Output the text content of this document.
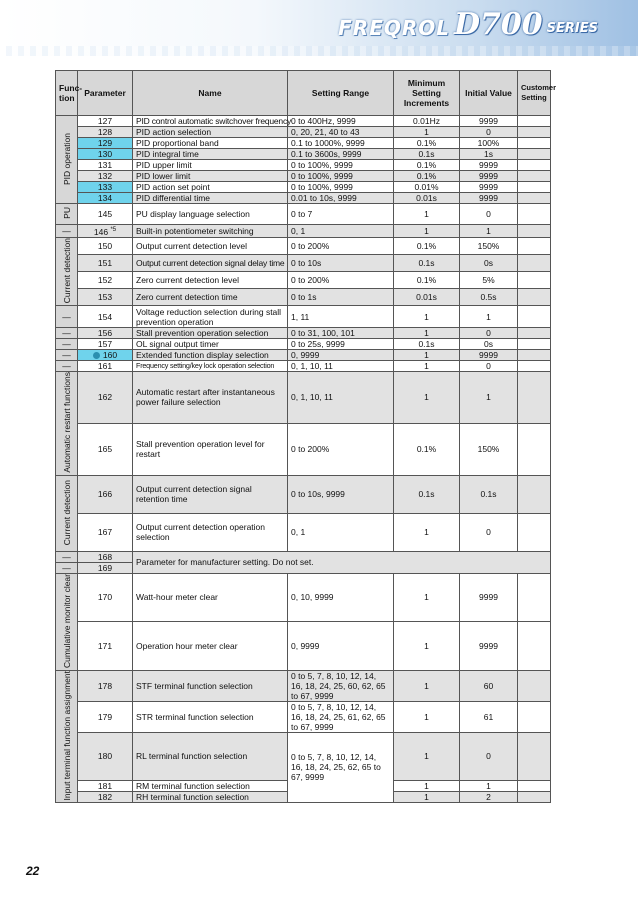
FREQROL D700 SERIES
Func-tion	Parameter	Name	Setting Range	Minimum Setting Increments	Initial Value	Customer Setting
PID operation	127	PID control automatic switchover frequency	0 to 400Hz, 9999	0.01Hz	9999	
	128	PID action selection	0, 20, 21, 40 to 43	1	0	
	129	PID proportional band	0.1 to 1000%, 9999	0.1%	100%	
	130	PID integral time	0.1 to 3600s, 9999	0.1s	1s	
	131	PID upper limit	0 to 100%, 9999	0.1%	9999	
	132	PID lower limit	0 to 100%, 9999	0.1%	9999	
	133	PID action set point	0 to 100%, 9999	0.01%	9999	
	134	PID differential time	0.01 to 10s, 9999	0.01s	9999	
PU	145	PU display language selection	0 to 7	1	0	
—	146 $^{*5}$	Built-in potentiometer switching	0, 1	1	1	
Current detection	150	Output current detection level	0 to 200%	0.1%	150%	
	151	Output current detection signal delay time	0 to 10s	0.1s	0s	
	152	Zero current detection level	0 to 200%	0.1%	5%	
	153	Zero current detection time	0 to 1s	0.01s	0.5s	
—	154	Voltage reduction selection during stall prevention operation	1, 11	1	1	
—	156	Stall prevention operation selection	0 to 31, 100, 101	1	0	
—	157	OL signal output timer	0 to 25s, 9999	0.1s	0s	
—	160	Extended function display selection	0, 9999	1	9999	
—	161	Frequency setting/key lock operation selection	0, 1, 10, 11	1	0	
Automatic restart functions	162	Automatic restart after instantaneous power failure selection	0, 1, 10, 11	1	1	
	165	Stall prevention operation level for restart	0 to 200%	0.1%	150%	
Current detection	166	Output current detection signal retention time	0 to 10s, 9999	0.1s	0.1s	
	167	Output current detection operation selection	0, 1	1	0	
—	168	Parameter for manufacturer setting. Do not set.				
—	169					
Cumulative monitor clear	170	Watt-hour meter clear	0, 10, 9999	1	9999	
	171	Operation hour meter clear	0, 9999	1	9999	
Input terminal function assignment	178	STF terminal function selection	0 to 5, 7, 8, 10, 12, 14, 16, 18, 24, 25, 60, 62, 65 to 67, 9999	1	60	
	179	STR terminal function selection	0 to 5, 7, 8, 10, 12, 14, 16, 18, 24, 25, 61, 62, 65 to 67, 9999	1	61	
	180	RL terminal function selection	0 to 5, 7, 8, 10, 12, 14, 16, 18, 24, 25, 62, 65 to 67, 9999	1	0	
	181	RM terminal function selection		1	1	
	182	RH terminal function selection		1	2	
22
